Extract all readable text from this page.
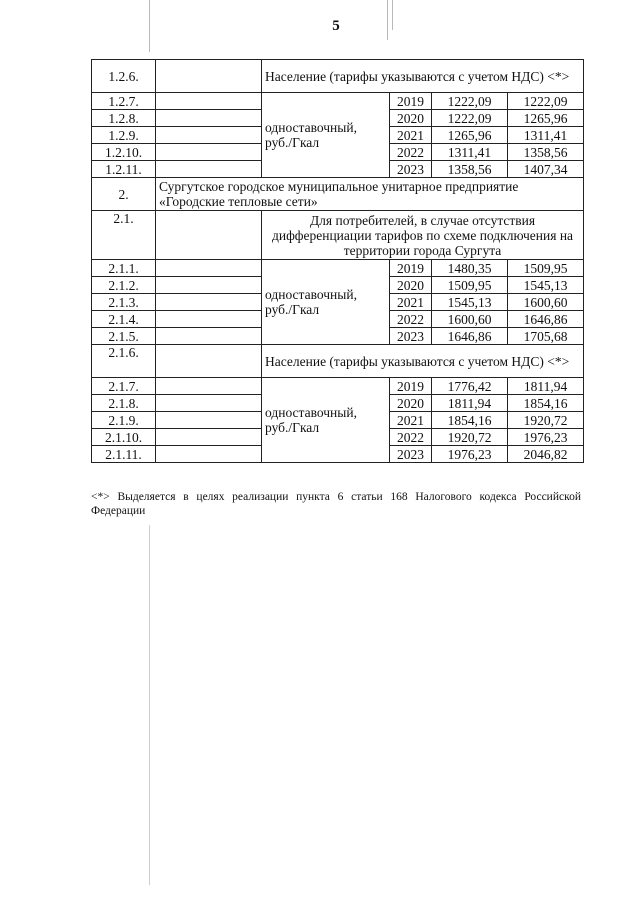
5
1.2.6.		Население (тарифы указываются с учетом НДС) <*>			
1.2.7.		одноставочный, руб./Гкал	2019	1222,09	1222,09
1.2.8.			2020	1222,09	1265,96
1.2.9.			2021	1265,96	1311,41
1.2.10.			2022	1311,41	1358,56
1.2.11.			2023	1358,56	1407,34
2.	Сургутское городское муниципальное унитарное предприятие «Городские тепловые сети»				
2.1.		Для потребителей, в случае отсутствия дифференциации тарифов по схеме подключения на территории города Сургута			
2.1.1.		одноставочный, руб./Гкал	2019	1480,35	1509,95
2.1.2.			2020	1509,95	1545,13
2.1.3.			2021	1545,13	1600,60
2.1.4.			2022	1600,60	1646,86
2.1.5.			2023	1646,86	1705,68
2.1.6.		Население (тарифы указываются с учетом НДС) <*>			
2.1.7.		одноставочный, руб./Гкал	2019	1776,42	1811,94
2.1.8.			2020	1811,94	1854,16
2.1.9.			2021	1854,16	1920,72
2.1.10.			2022	1920,72	1976,23
2.1.11.			2023	1976,23	2046,82
<*> Выделяется в целях реализации пункта 6 статьи 168 Налогового кодекса Российской Федерации
